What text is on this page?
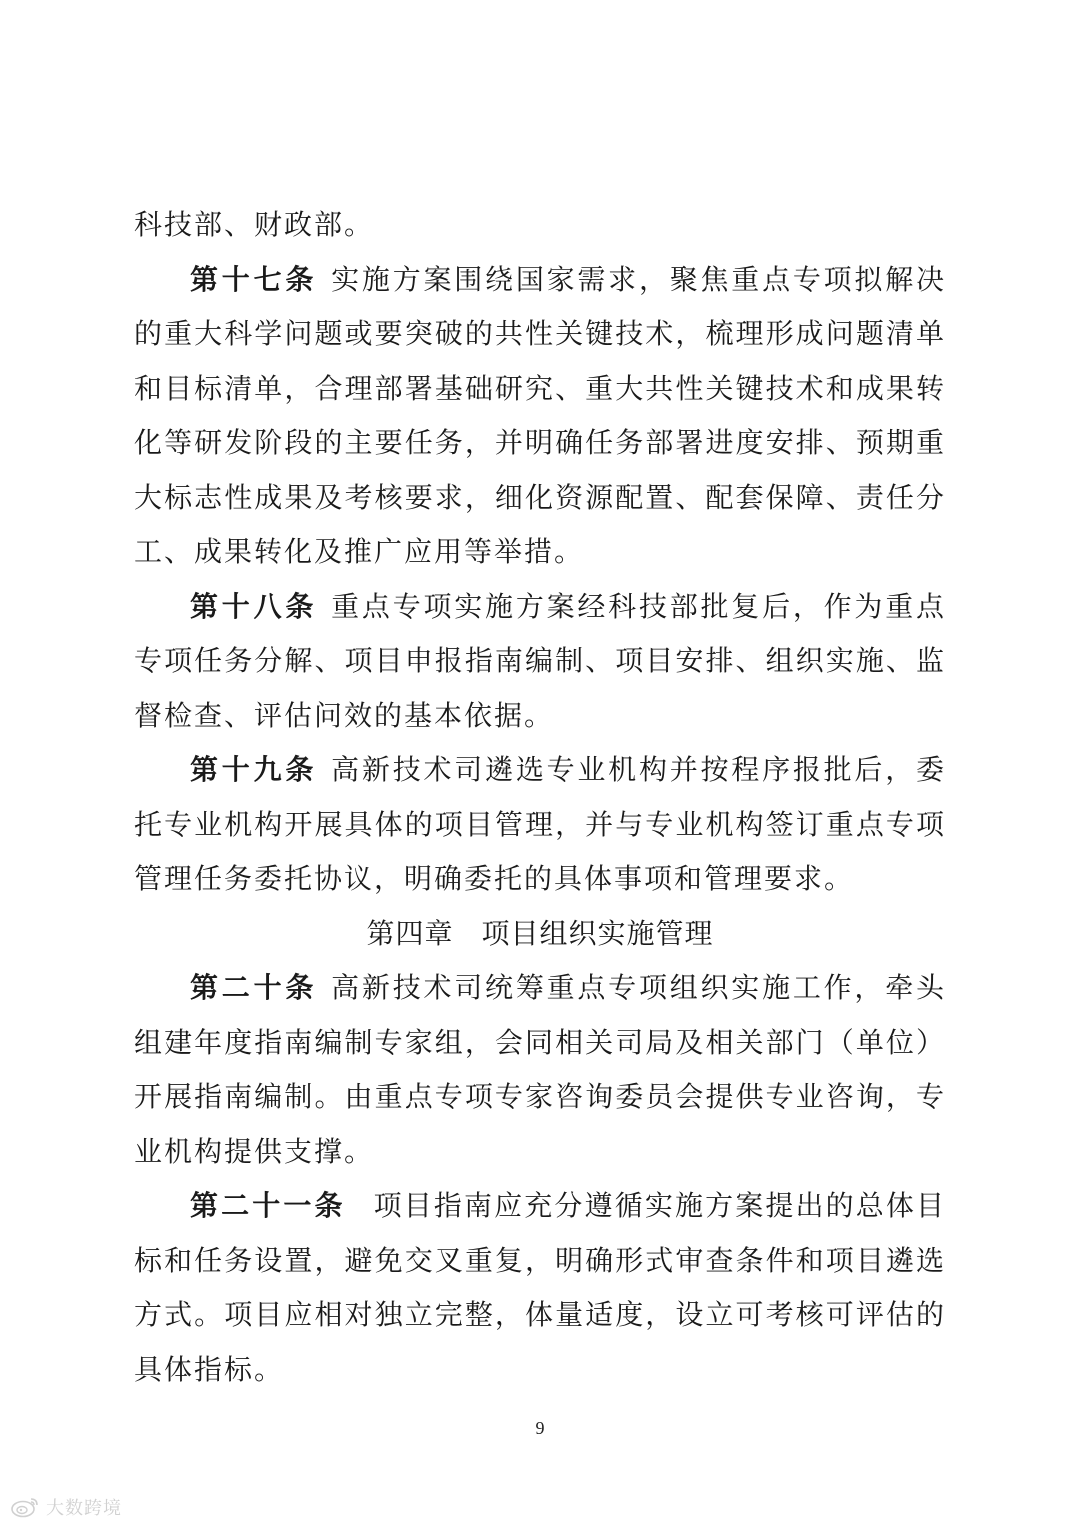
科技部、财政部。

第十七条 实施方案围绕国家需求，聚焦重点专项拟解决的重大科学问题或要突破的共性关键技术，梳理形成问题清单和目标清单，合理部署基础研究、重大共性关键技术和成果转化等研发阶段的主要任务，并明确任务部署进度安排、预期重大标志性成果及考核要求，细化资源配置、配套保障、责任分工、成果转化及推广应用等举措。

第十八条 重点专项实施方案经科技部批复后，作为重点专项任务分解、项目申报指南编制、项目安排、组织实施、监督检查、评估问效的基本依据。

第十九条 高新技术司遴选专业机构并按程序报批后，委托专业机构开展具体的项目管理，并与专业机构签订重点专项管理任务委托协议，明确委托的具体事项和管理要求。

第四章 项目组织实施管理

第二十条 高新技术司统筹重点专项组织实施工作，牵头组建年度指南编制专家组，会同相关司局及相关部门（单位）开展指南编制。由重点专项专家咨询委员会提供专业咨询，专业机构提供支撑。

第二十一条 项目指南应充分遵循实施方案提出的总体目标和任务设置，避免交叉重复，明确形式审查条件和项目遴选方式。项目应相对独立完整，体量适度，设立可考核可评估的具体指标。

9
大数跨境
